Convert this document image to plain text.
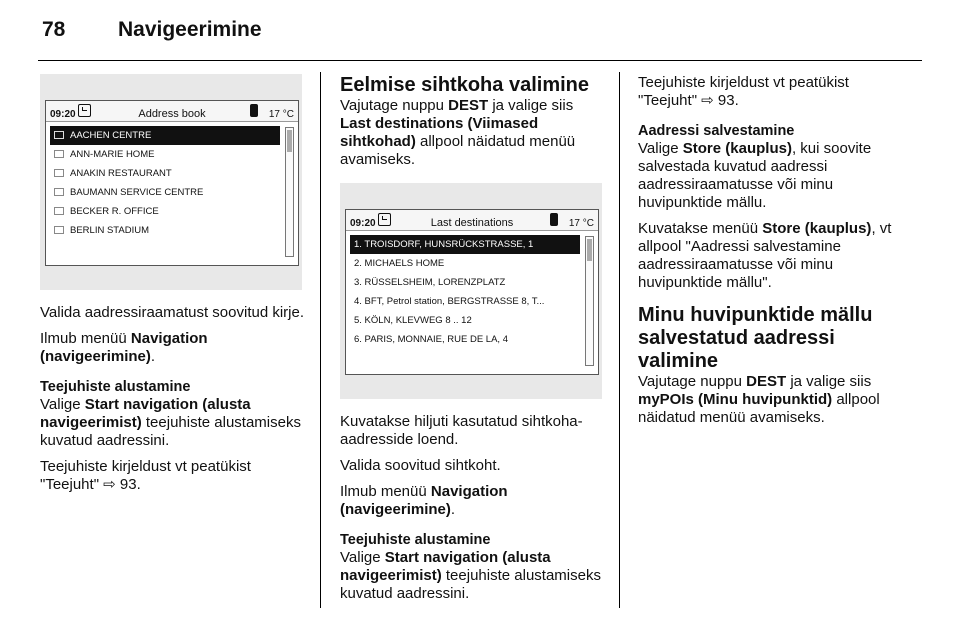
78	Navigeerimine
09:20	Address book	17 °C
AACHEN CENTRE
ANN-MARIE HOME
ANAKIN RESTAURANT
BAUMANN SERVICE CENTRE
BECKER R. OFFICE
BERLIN STADIUM

Valida aadressiraamatust soovitud kirje.

Ilmub menüü Navigation (navigeerimine).

Teejuhiste alustamine

Valige Start navigation (alusta navigeerimist) teejuhiste alustamiseks kuvatud aadressini.

Teejuhiste kirjeldust vt peatükist "Teejuht" ⇨ 93.

Eelmise sihtkoha valimine

Vajutage nuppu DEST ja valige siis Last destinations (Viimased sihtkohad) allpool näidatud menüü avamiseks.

09:20	Last destinations	17 °C
1. TROISDORF, HUNSRÜCKSTRASSE, 1
2. MICHAELS HOME
3. RÜSSELSHEIM, LORENZPLATZ
4. BFT, Petrol station, BERGSTRASSE 8, T...
5. KÖLN, KLEVWEG 8 .. 12
6. PARIS, MONNAIE, RUE DE LA, 4

Kuvatakse hiljuti kasutatud sihtkoha-aadresside loend.

Valida soovitud sihtkoht.

Ilmub menüü Navigation (navigeerimine).

Teejuhiste alustamine

Valige Start navigation (alusta navigeerimist) teejuhiste alustamiseks kuvatud aadressini.

Teejuhiste kirjeldust vt peatükist "Teejuht" ⇨ 93.

Aadressi salvestamine

Valige Store (kauplus), kui soovite salvestada kuvatud aadressi aadressiraamatusse või minu huvipunktide mällu.

Kuvatakse menüü Store (kauplus), vt allpool "Aadressi salvestamine aadressiraamatusse või minu huvipunktide mällu".

Minu huvipunktide mällu salvestatud aadressi valimine

Vajutage nuppu DEST ja valige siis myPOIs (Minu huvipunktid) allpool näidatud menüü avamiseks.
